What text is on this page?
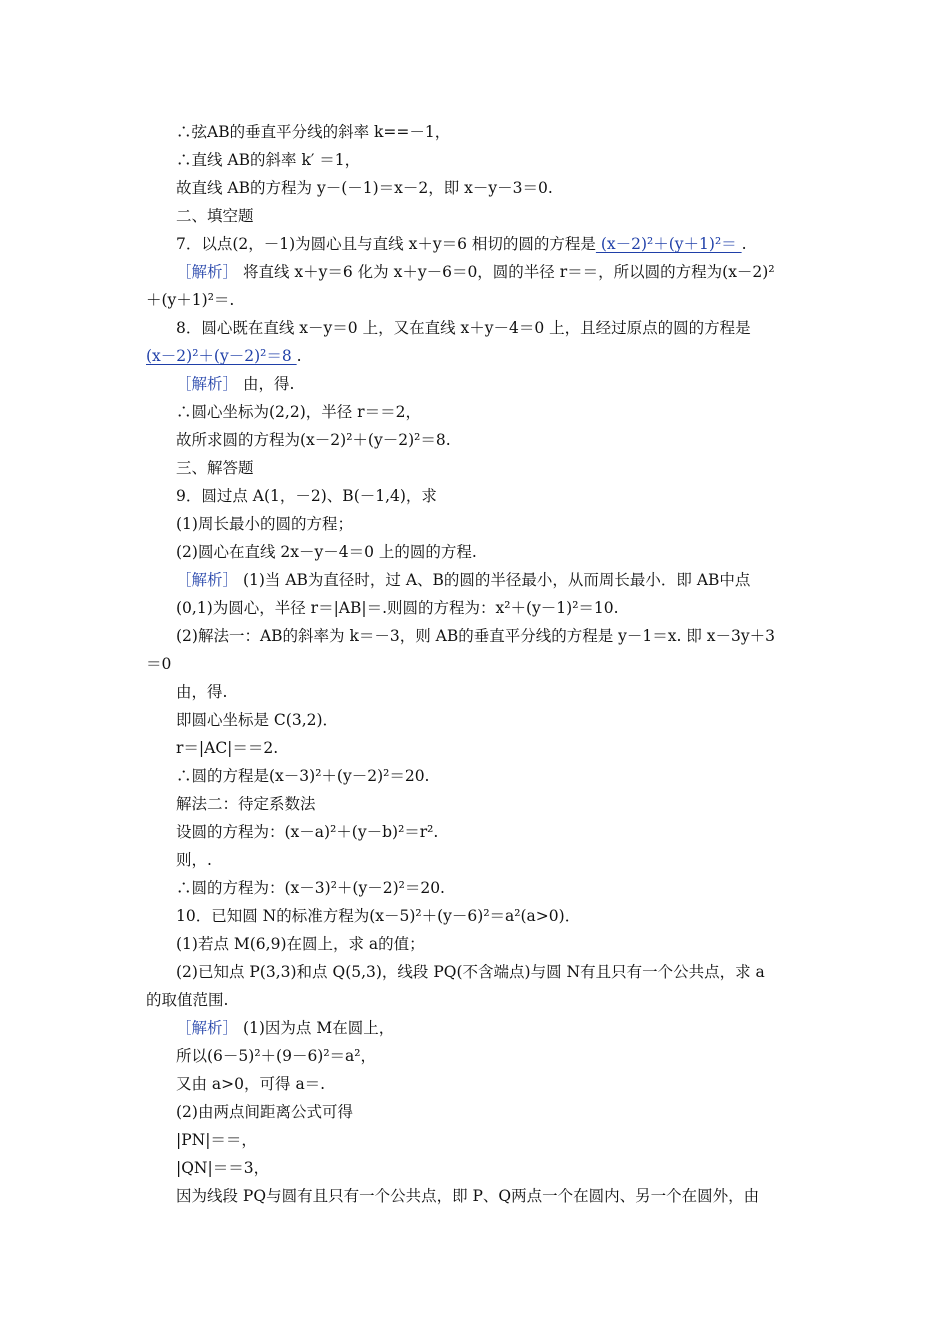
∴弦AB的垂直平分线的斜率 k==－1，
∴直线 AB的斜率 k′ ＝1，
故直线 AB的方程为 y－(－1)＝x－2，即 x－y－3＝0.
二、填空题
7．以点(2，－1)为圆心且与直线 x＋y＝6 相切的圆的方程是 (x－2)²＋(y＋1)²＝ .
［解析］ 将直线 x＋y＝6 化为 x＋y－6＝0，圆的半径 r＝＝，所以圆的方程为(x－2)²
＋(y＋1)²＝.
8．圆心既在直线 x－y＝0 上，又在直线 x＋y－4＝0 上，且经过原点的圆的方程是
(x－2)²＋(y－2)²＝8 .
［解析］ 由，得.
∴圆心坐标为(2,2)，半径 r＝＝2，
故所求圆的方程为(x－2)²＋(y－2)²＝8.
三、解答题
9．圆过点 A(1，－2)、B(－1,4)，求
(1)周长最小的圆的方程；
(2)圆心在直线 2x－y－4＝0 上的圆的方程.
［解析］ (1)当 AB为直径时，过 A、B的圆的半径最小，从而周长最小．即 AB中点
(0,1)为圆心，半径 r＝|AB|＝.则圆的方程为：x²＋(y－1)²＝10.
(2)解法一：AB的斜率为 k＝－3，则 AB的垂直平分线的方程是 y－1＝x. 即 x－3y＋3
＝0
由，得.
即圆心坐标是 C(3,2)．
r＝|AC|＝＝2.
∴圆的方程是(x－3)²＋(y－2)²＝20.
解法二：待定系数法
设圆的方程为：(x－a)²＋(y－b)²＝r².
则，.
∴圆的方程为：(x－3)²＋(y－2)²＝20.
10．已知圆 N的标准方程为(x－5)²＋(y－6)²＝a²(a>0)．
(1)若点 M(6,9)在圆上，求 a的值；
(2)已知点 P(3,3)和点 Q(5,3)，线段 PQ(不含端点)与圆 N有且只有一个公共点，求 a
的取值范围.
［解析］ (1)因为点 M在圆上，
所以(6－5)²＋(9－6)²＝a²，
又由 a>0，可得 a＝.
(2)由两点间距离公式可得
|PN|＝＝，
|QN|＝＝3，
因为线段 PQ与圆有且只有一个公共点，即 P、Q两点一个在圆内、另一个在圆外，由
